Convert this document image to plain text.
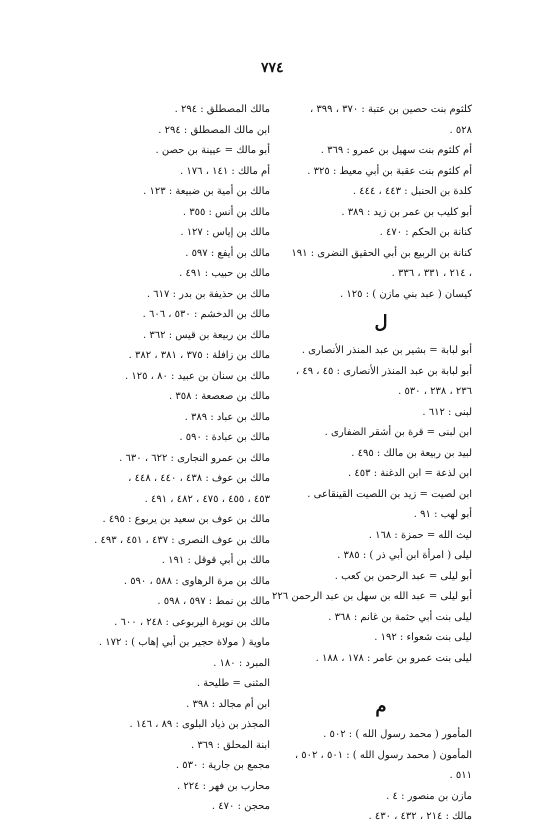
٧٧٤
كلثوم بنت حصين بن عتبة : ٣٧٠ ، ٣٩٩ ،
٥٢٨ .
أم كلثوم بنت سهيل بن عمرو : ٣٦٩ .
أم كلثوم بنت عقبة بن أبي معيط : ٣٢٥ .
كلدة بن الحنبل : ٤٤٣ ، ٤٤٤ .
أبو كليب بن عمر بن زيد : ٣٨٩ .
كنانة بن الحكم : ٤٧٠ .
كنانة بن الربيع بن أبي الحقيق النضرى : ١٩١
، ٢١٤ ، ٣٣١ ، ٣٣٦ .
كيسان ( عبد بني مازن ) : ١٢٥ .
ل
أبو لبابة = بشير بن عبد المنذر الأنصارى .
أبو لبابة بن عبد المنذر الأنصارى : ٤٥ ، ٤٩ ،
٢٣٦ ، ٢٣٨ ، ٥٣٠ .
لبنى : ٦١٢ .
ابن لبنى = قرة بن أشقر الضفارى .
لبيد بن ربيعة بن مالك : ٤٩٥ .
ابن لذعة = ابن الدغنة : ٤٥٣ .
ابن لصيت = زيد بن اللصيت القينقاعى .
أبو لهب : ٩١ .
ليث الله = حمزة : ١٦٨ .
ليلى ( امرأة ابن أبي ذر ) : ٣٨٥ .
أبو ليلى = عبد الرحمن بن كعب .
أبو ليلى = عبد الله بن سهل بن عبد الرحمن ٢٢٦
ليلى بنت أبي حثمة بن غانم : ٣٦٨ .
ليلى بنت شعواء : ١٩٢ .
ليلى بنت عمرو بن عامر : ١٧٨ ، ١٨٨ .
م
المأمور ( محمد رسول الله ) : ٥٠٢ .
المأمون ( محمد رسول الله ) : ٥٠١ ، ٥٠٢ ،
٥١١ .
مازن بن منصور : ٤ .
مالك : ٢١٤ ، ٤٣٢ ، ٤٣٠ .
مالك المصطلق : ٢٩٤ .
ابن مالك المصطلق : ٢٩٤ .
أبو مالك = عيينة بن حصن .
أم مالك : ١٤١ ، ١٧٦ .
مالك بن أمية بن ضبيعة : ١٢٣ .
مالك بن أنس : ٣٥٥ .
مالك بن إياس : ١٢٧ .
مالك بن أيفع : ٥٩٧ .
مالك بن حبيب : ٤٩١ .
مالك بن حذيفة بن بدر : ٦١٧ .
مالك بن الدخشم : ٥٣٠ ، ٦٠٦ .
مالك بن ربيعة بن قيس : ٣٦٢ .
مالك بن زافلة : ٣٧٥ ، ٣٨١ ، ٣٨٢ .
مالك بن سنان بن عبيد : ٨٠ ، ١٢٥ .
مالك بن صعصعة : ٣٥٨ .
مالك بن عباد : ٣٨٩ .
مالك بن عبادة : ٥٩٠ .
مالك بن عمرو النجارى : ٦٢٢ ، ٦٣٠ .
مالك بن عوف : ٤٣٨ ، ٤٤٠ ، ٤٤٨ ،
٤٥٣ ، ٤٥٥ ، ٤٧٥ ، ٤٨٢ ، ٤٩١ .
مالك بن عوف بن سعيد بن يربوع : ٤٩٥ .
مالك بن عوف النصرى : ٤٣٧ ، ٤٥١ ، ٤٩٣ .
مالك بن أبي قوقل : ١٩١ .
مالك بن مرة الرهاوى : ٥٨٨ ، ٥٩٠ .
مالك بن نمط : ٥٩٧ ، ٥٩٨ .
مالك بن نويرة اليربوعى : ٢٤٨ ، ٦٠٠ .
ماوية ( مولاة حجير بن أبي إهاب ) : ١٧٢ .
المبرد : ١٨٠ .
المثنى = طليحة .
ابن أم مجالد : ٣٩٨ .
المجذر بن ذياد البلوى : ٨٩ ، ١٤٦ .
ابنة المحلق : ٣٦٩ .
مجمع بن جارية : ٥٣٠ .
محارب بن فهر : ٢٢٤ .
محجن : ٤٧٠ .
